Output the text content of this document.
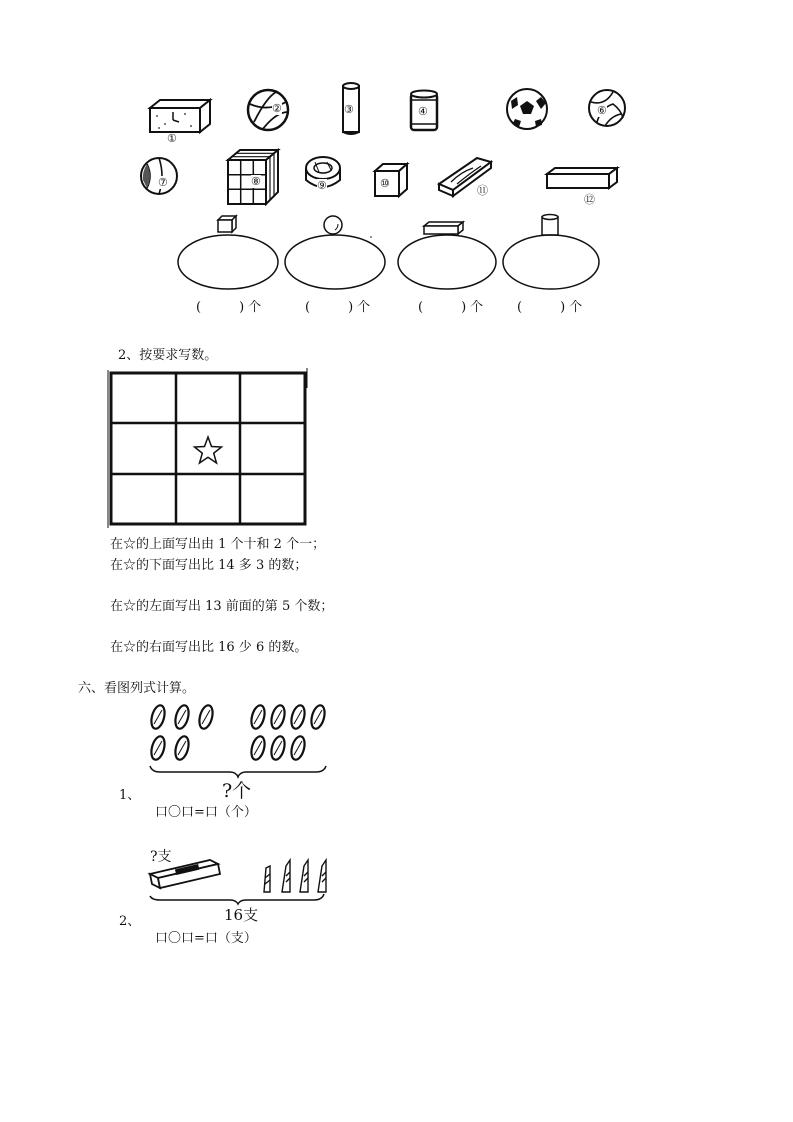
①
②	③	④
⑤
⑥
⑦	⑧	⑨	⑩
⑪
⑫
(　　)个	(　　)个	(　　)个 (　　)个
2、按要求写数。
在☆的上面写出由 1 个十和 2 个一；
在☆的下面写出比 14 多 3 的数；
在☆的左面写出 13 前面的第 5 个数；
在☆的右面写出比 16 少 6 的数。
六、看图列式计算。
?个
1、
口〇口=口（个）
?支
16支
2、
口〇口=口（支）
